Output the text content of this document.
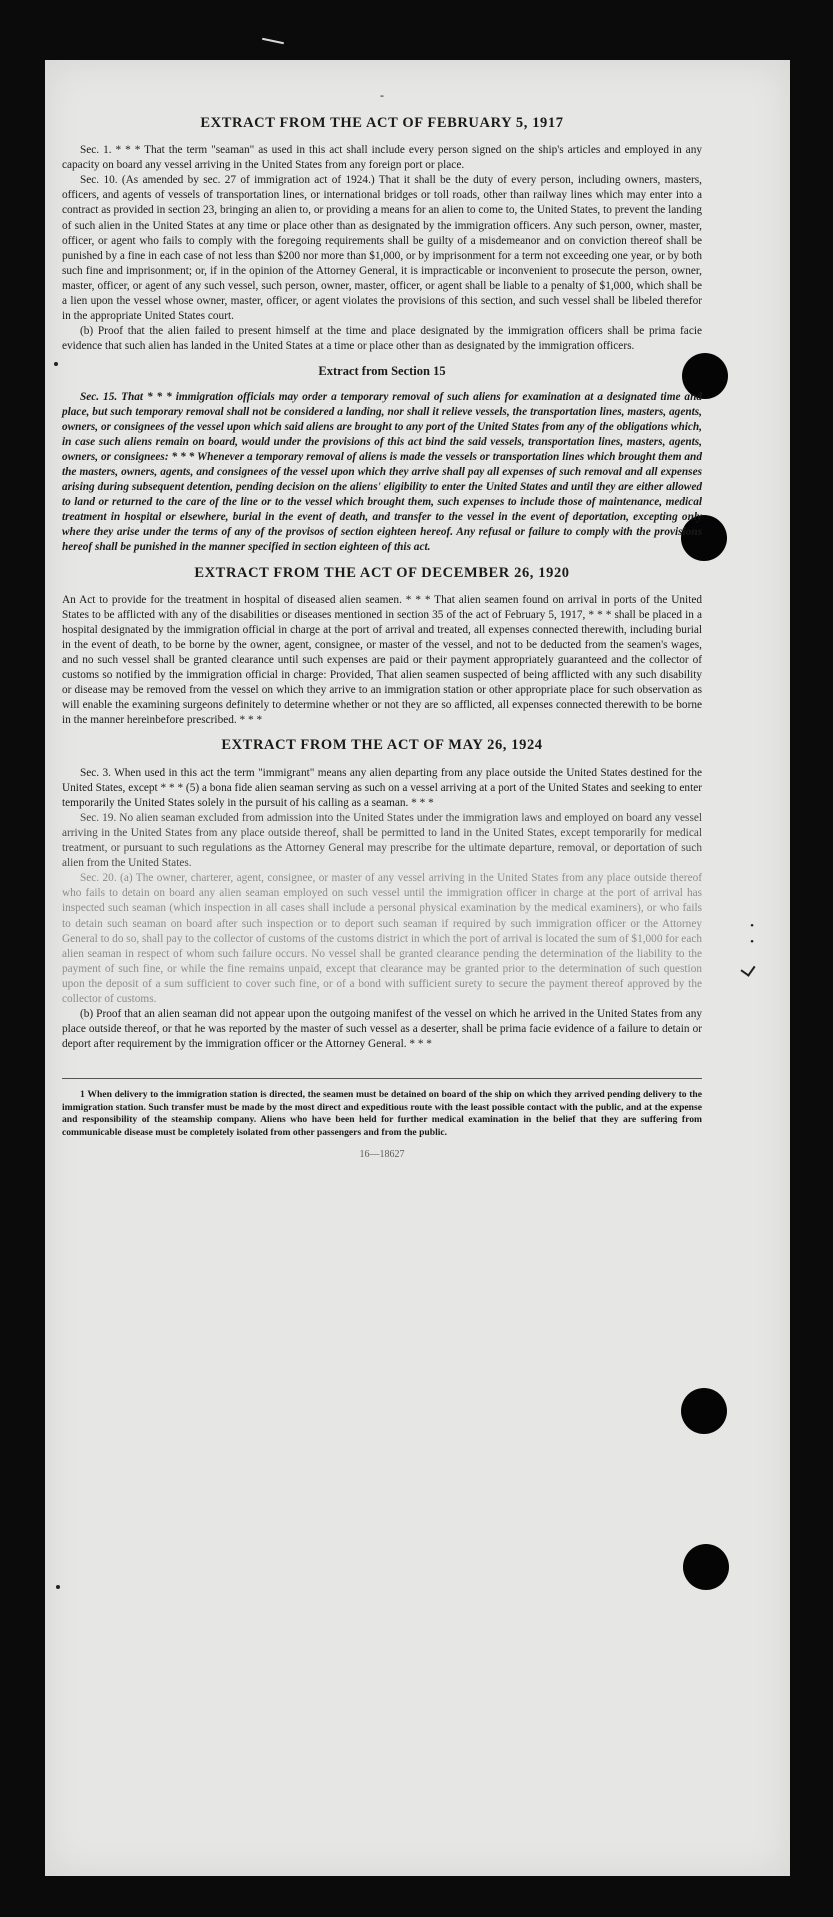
•
•
-
EXTRACT FROM THE ACT OF FEBRUARY 5, 1917

Sec. 1. * * * That the term "seaman" as used in this act shall include every person signed on the ship's articles and employed in any capacity on board any vessel arriving in the United States from any foreign port or place.

Sec. 10. (As amended by sec. 27 of immigration act of 1924.) That it shall be the duty of every person, including owners, masters, officers, and agents of vessels of transportation lines, or international bridges or toll roads, other than railway lines which may enter into a contract as provided in section 23, bringing an alien to, or providing a means for an alien to come to, the United States, to prevent the landing of such alien in the United States at any time or place other than as designated by the immigration officers. Any such person, owner, master, officer, or agent who fails to comply with the foregoing requirements shall be guilty of a misdemeanor and on conviction thereof shall be punished by a fine in each case of not less than $200 nor more than $1,000, or by imprisonment for a term not exceeding one year, or by both such fine and imprisonment; or, if in the opinion of the Attorney General, it is impracticable or inconvenient to prosecute the person, owner, master, officer, or agent of any such vessel, such person, owner, master, officer, or agent shall be liable to a penalty of $1,000, which shall be a lien upon the vessel whose owner, master, officer, or agent violates the provisions of this section, and such vessel shall be libeled therefor in the appropriate United States court.

(b) Proof that the alien failed to present himself at the time and place designated by the immigration officers shall be prima facie evidence that such alien has landed in the United States at a time or place other than as designated by the immigration officers.

Extract from Section 15

Sec. 15. That * * * immigration officials may order a temporary removal of such aliens for examination at a designated time and place, but such temporary removal shall not be considered a landing, nor shall it relieve vessels, the transportation lines, masters, agents, owners, or consignees of the vessel upon which said aliens are brought to any port of the United States from any of the obligations which, in case such aliens remain on board, would under the provisions of this act bind the said vessels, transportation lines, masters, agents, owners, or consignees: * * * Whenever a temporary removal of aliens is made the vessels or transportation lines which brought them and the masters, owners, agents, and consignees of the vessel upon which they arrive shall pay all expenses of such removal and all expenses arising during subsequent detention, pending decision on the aliens' eligibility to enter the United States and until they are either allowed to land or returned to the care of the line or to the vessel which brought them, such expenses to include those of maintenance, medical treatment in hospital or elsewhere, burial in the event of death, and transfer to the vessel in the event of deportation, excepting only where they arise under the terms of any of the provisos of section eighteen hereof. Any refusal or failure to comply with the provisions hereof shall be punished in the manner specified in section eighteen of this act.

EXTRACT FROM THE ACT OF DECEMBER 26, 1920

An Act to provide for the treatment in hospital of diseased alien seamen. * * * That alien seamen found on arrival in ports of the United States to be afflicted with any of the disabilities or diseases mentioned in section 35 of the act of February 5, 1917, * * * shall be placed in a hospital designated by the immigration official in charge at the port of arrival and treated, all expenses connected therewith, including burial in the event of death, to be borne by the owner, agent, consignee, or master of the vessel, and not to be deducted from the seamen's wages, and no such vessel shall be granted clearance until such expenses are paid or their payment appropriately guaranteed and the collector of customs so notified by the immigration official in charge: Provided, That alien seamen suspected of being afflicted with any such disability or disease may be removed from the vessel on which they arrive to an immigration station or other appropriate place for such observation as will enable the examining surgeons definitely to determine whether or not they are so afflicted, all expenses connected therewith to be borne in the manner hereinbefore prescribed. * * *

EXTRACT FROM THE ACT OF MAY 26, 1924

Sec. 3. When used in this act the term "immigrant" means any alien departing from any place outside the United States destined for the United States, except * * * (5) a bona fide alien seaman serving as such on a vessel arriving at a port of the United States and seeking to enter temporarily the United States solely in the pursuit of his calling as a seaman. * * *

Sec. 19. No alien seaman excluded from admission into the United States under the immigration laws and employed on board any vessel arriving in the United States from any place outside thereof, shall be permitted to land in the United States, except temporarily for medical treatment, or pursuant to such regulations as the Attorney General may prescribe for the ultimate departure, removal, or deportation of such alien from the United States.

Sec. 20. (a) The owner, charterer, agent, consignee, or master of any vessel arriving in the United States from any place outside thereof who fails to detain on board any alien seaman employed on such vessel until the immigration officer in charge at the port of arrival has inspected such seaman (which inspection in all cases shall include a personal physical examination by the medical examiners), or who fails to detain such seaman on board after such inspection or to deport such seaman if required by such immigration officer or the Attorney General to do so, shall pay to the collector of customs of the customs district in which the port of arrival is located the sum of $1,000 for each alien seaman in respect of whom such failure occurs. No vessel shall be granted clearance pending the determination of the liability to the payment of such fine, or while the fine remains unpaid, except that clearance may be granted prior to the determination of such question upon the deposit of a sum sufficient to cover such fine, or of a bond with sufficient surety to secure the payment thereof approved by the collector of customs.

(b) Proof that an alien seaman did not appear upon the outgoing manifest of the vessel on which he arrived in the United States from any place outside thereof, or that he was reported by the master of such vessel as a deserter, shall be prima facie evidence of a failure to detain or deport after requirement by the immigration officer or the Attorney General. * * *

1 When delivery to the immigration station is directed, the seamen must be detained on board of the ship on which they arrived pending delivery to the immigration station. Such transfer must be made by the most direct and expeditious route with the least possible contact with the public, and at the expense and responsibility of the steamship company. Aliens who have been held for further medical examination in the belief that they are suffering from communicable disease must be completely isolated from other passengers and from the public.

16—18627
